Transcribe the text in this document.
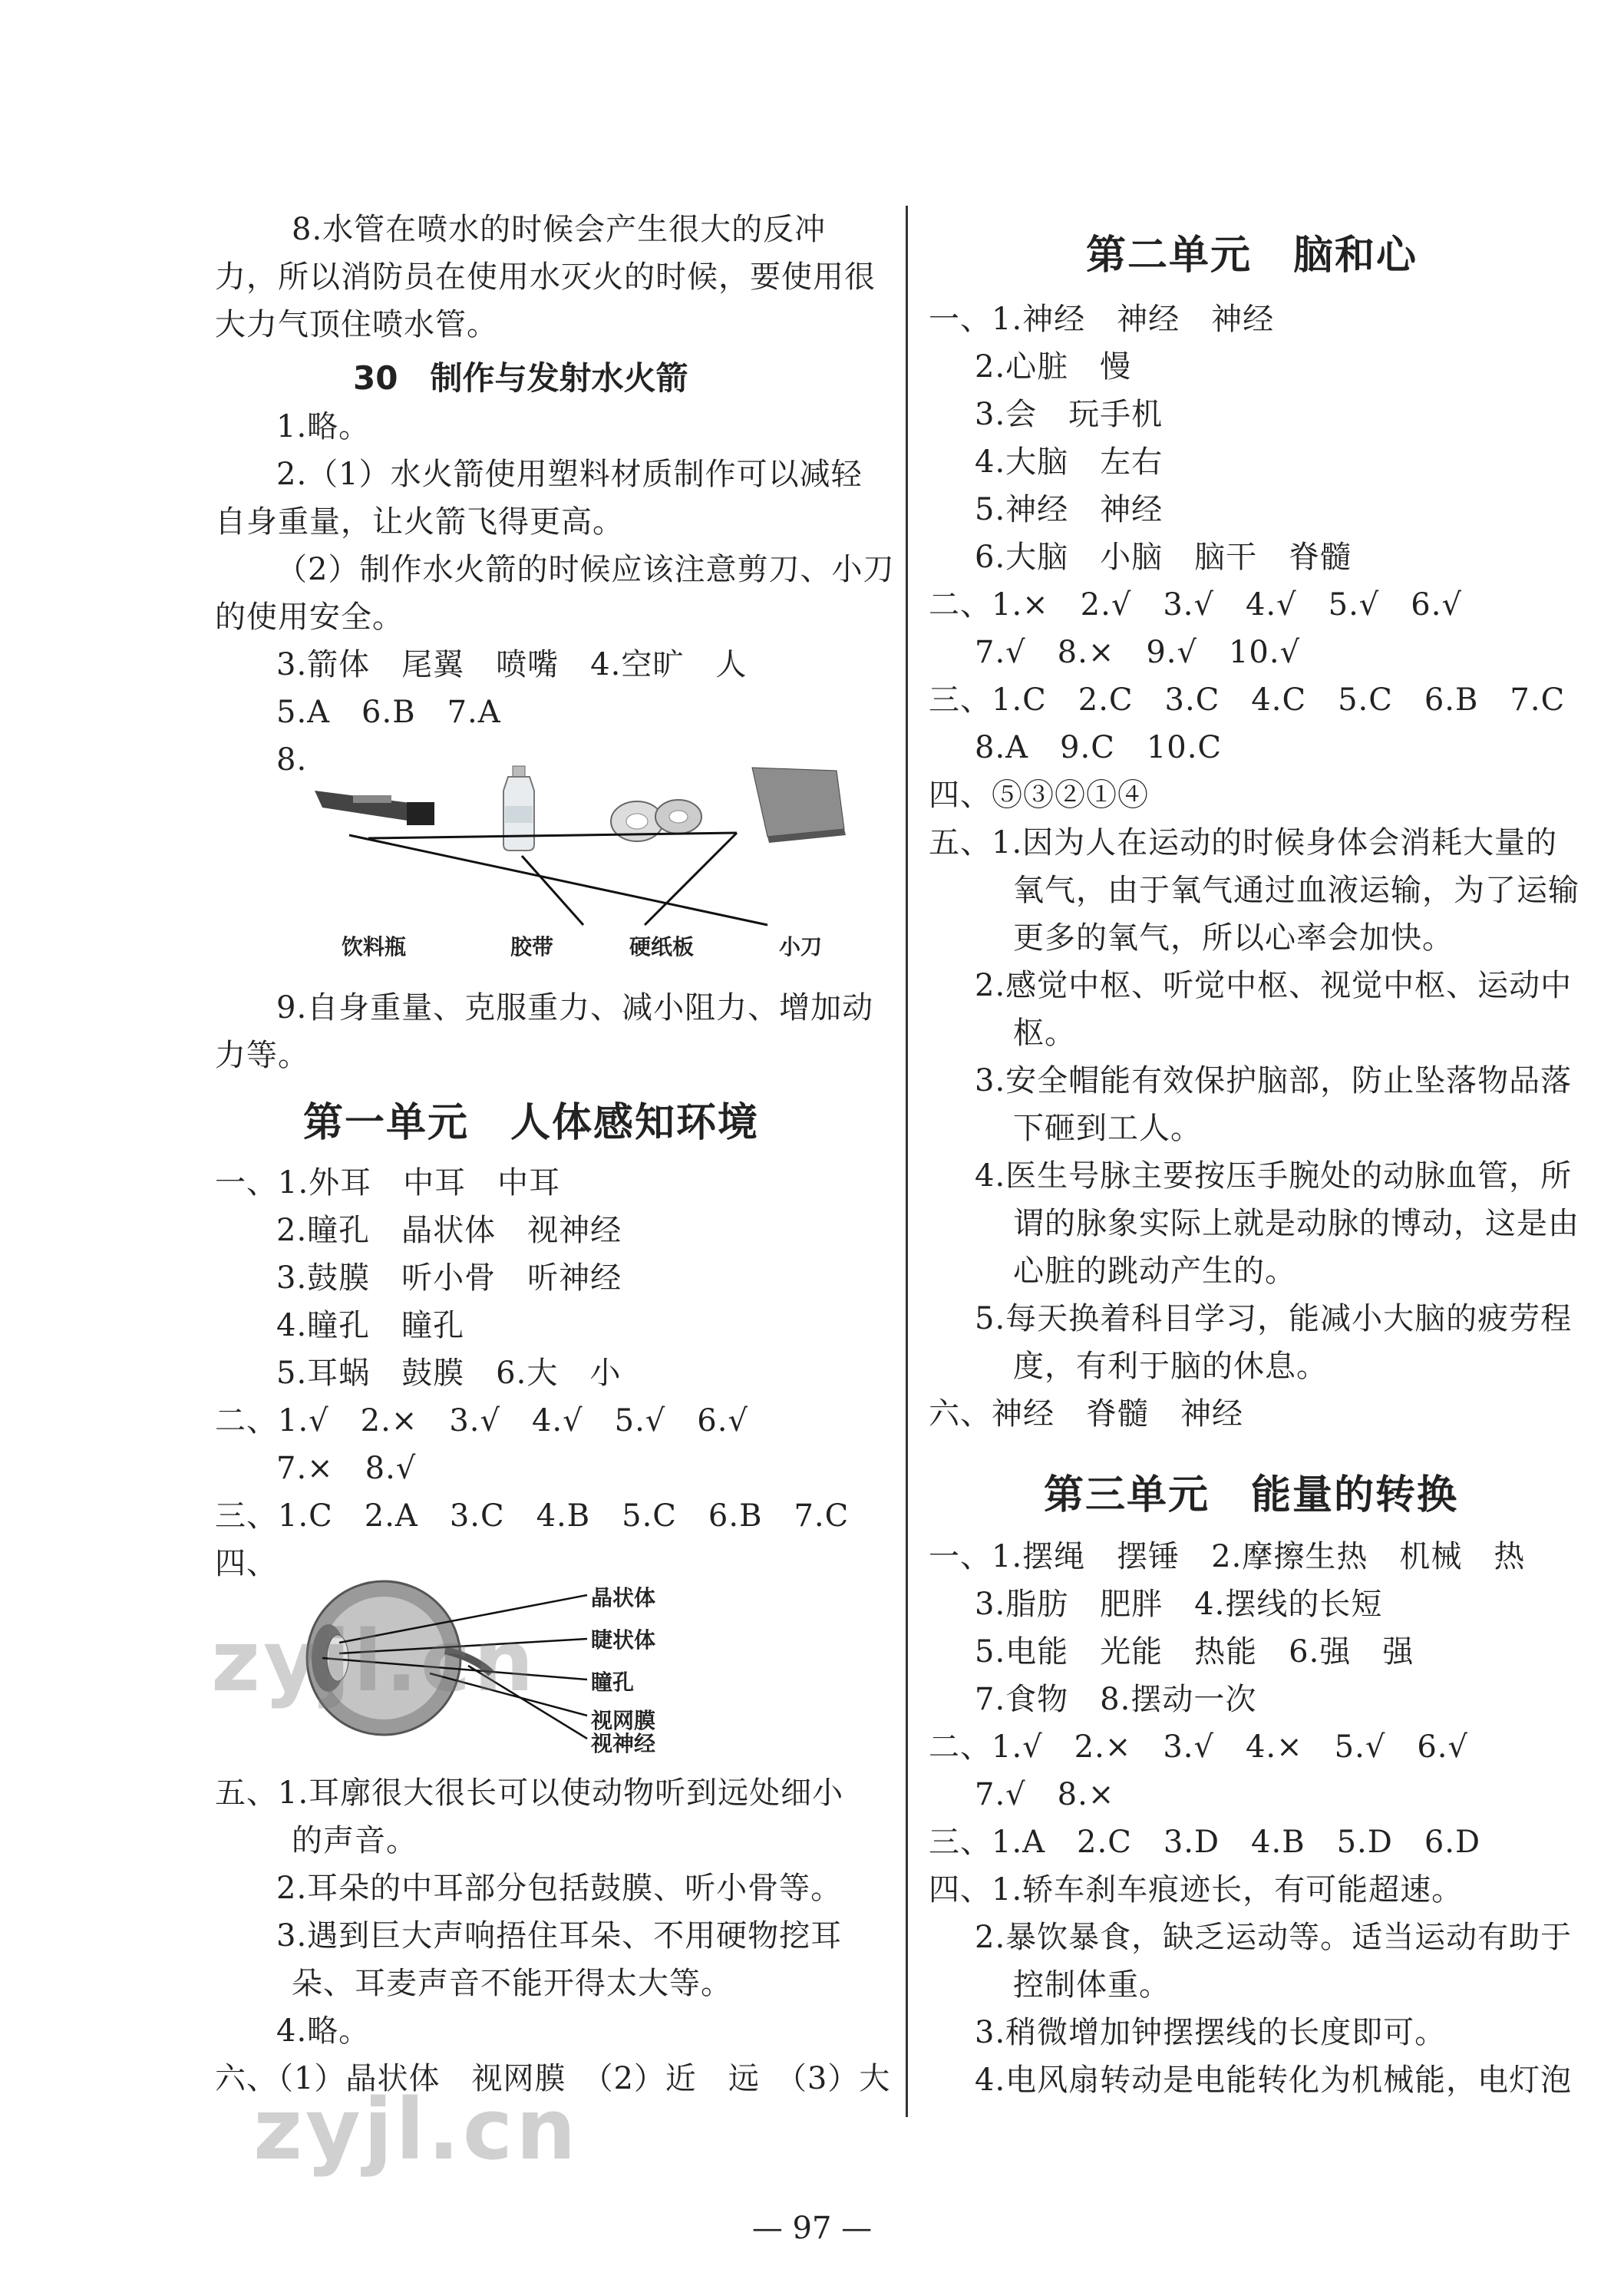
8.水管在喷水的时候会产生很大的反冲
力，所以消防员在使用水灭火的时候，要使用很
大力气顶住喷水管。
30　制作与发射水火箭
1.略。
2.（1）水火箭使用塑料材质制作可以减轻
自身重量，让火箭飞得更高。
（2）制作水火箭的时候应该注意剪刀、小刀
的使用安全。
3.箭体　尾翼　喷嘴　4.空旷　人
5.A　6.B　7.A
8.
饮料瓶	胶带	硬纸板	小刀
9.自身重量、克服重力、减小阻力、增加动
力等。
第一单元　人体感知环境
一、1.外耳　中耳　中耳
2.瞳孔　晶状体　视神经
3.鼓膜　听小骨　听神经
4.瞳孔　瞳孔
5.耳蜗　鼓膜　6.大　小
二、1.√　2.×　3.√　4.√　5.√　6.√
7.×　8.√
三、1.C　2.A　3.C　4.B　5.C　6.B　7.C
四、
晶状体
睫状体
瞳孔
视网膜
视神经
五、1.耳廓很大很长可以使动物听到远处细小
的声音。
2.耳朵的中耳部分包括鼓膜、听小骨等。
3.遇到巨大声响捂住耳朵、不用硬物挖耳
朵、耳麦声音不能开得太大等。
4.略。
六、（1）晶状体　视网膜　（2）近　远　（3）大
第二单元　脑和心
一、1.神经　神经　神经
2.心脏　慢
3.会　玩手机
4.大脑　左右
5.神经　神经
6.大脑　小脑　脑干　脊髓
二、1.×　2.√　3.√　4.√　5.√　6.√
7.√　8.×　9.√　10.√
三、1.C　2.C　3.C　4.C　5.C　6.B　7.C
8.A　9.C　10.C
四、⑤③②①④
五、1.因为人在运动的时候身体会消耗大量的
氧气，由于氧气通过血液运输，为了运输
更多的氧气，所以心率会加快。
2.感觉中枢、听觉中枢、视觉中枢、运动中
枢。
3.安全帽能有效保护脑部，防止坠落物品落
下砸到工人。
4.医生号脉主要按压手腕处的动脉血管，所
谓的脉象实际上就是动脉的博动，这是由
心脏的跳动产生的。
5.每天换着科目学习，能减小大脑的疲劳程
度，有利于脑的休息。
六、神经　脊髓　神经
第三单元　能量的转换
一、1.摆绳　摆锤　2.摩擦生热　机械　热
3.脂肪　肥胖　4.摆线的长短
5.电能　光能　热能　6.强　强
7.食物　8.摆动一次
二、1.√　2.×　3.√　4.×　5.√　6.√
7.√　8.×
三、1.A　2.C　3.D　4.B　5.D　6.D
四、1.轿车刹车痕迹长，有可能超速。
2.暴饮暴食，缺乏运动等。适当运动有助于
控制体重。
3.稍微增加钟摆摆线的长度即可。
4.电风扇转动是电能转化为机械能，电灯泡
zyjl.cn
zyjl.cn
— 97 —
